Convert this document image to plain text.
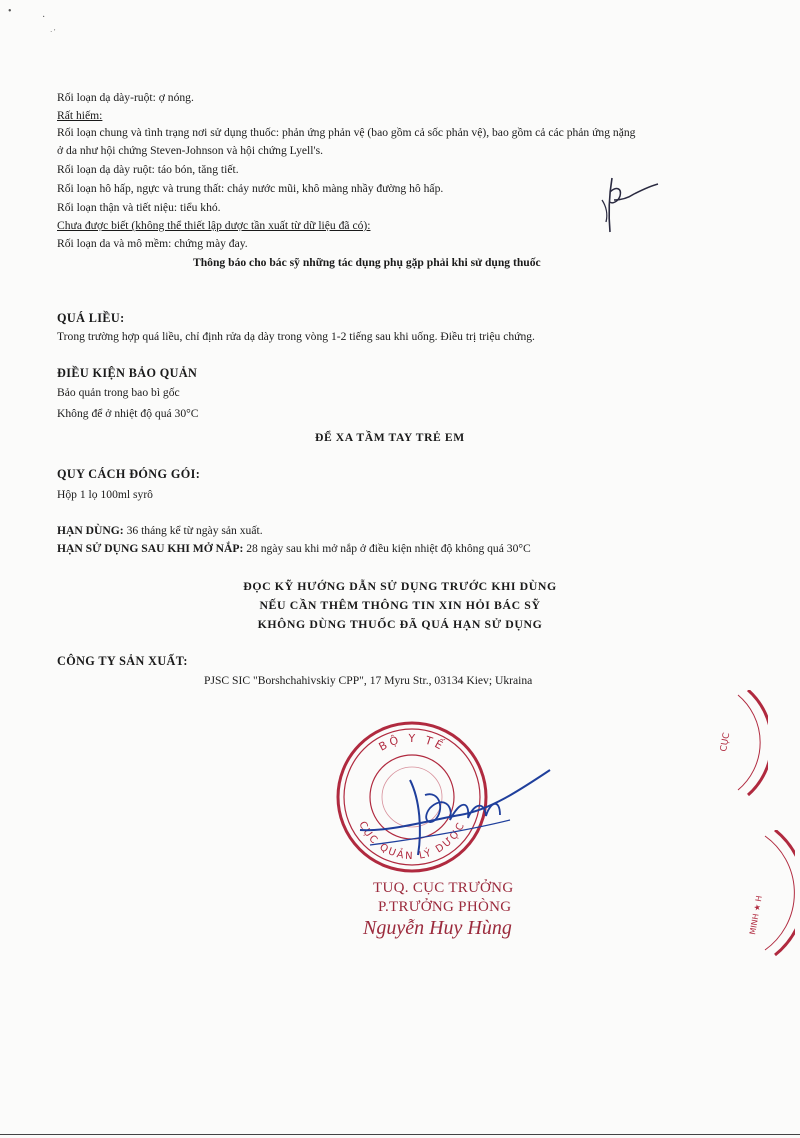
•
·
· '
Rối loạn dạ dày-ruột: ợ nóng.
Rất hiếm:
Rối loạn chung và tình trạng nơi sử dụng thuốc: phản ứng phản vệ (bao gồm cả sốc phản vệ), bao gồm cả các phản ứng nặng
ở da như hội chứng Steven-Johnson và hội chứng Lyell's.
Rối loạn dạ dày ruột: táo bón, tăng tiết.
Rối loạn hô hấp, ngực và trung thất: chảy nước mũi, khô màng nhầy đường hô hấp.
Rối loạn thận và tiết niệu: tiểu khó.
Chưa được biết (không thể thiết lập dược tần xuất từ dữ liệu đã có):
Rối loạn da và mô mềm: chứng mày đay.
Thông báo cho bác sỹ những tác dụng phụ gặp phải khi sử dụng thuốc
QUÁ LIỀU:
Trong trường hợp quá liều, chỉ định rửa dạ dày trong vòng 1-2 tiếng sau khi uống. Điều trị triệu chứng.
ĐIỀU KIỆN BẢO QUẢN
Bảo quản trong bao bì gốc
Không để ở nhiệt độ quá 30°C
ĐỂ XA TẦM TAY TRẺ EM
QUY CÁCH ĐÓNG GÓI:
Hộp 1 lọ 100ml syrô
HẠN DÙNG: 36 tháng kể từ ngày sản xuất.
HẠN SỬ DỤNG SAU KHI MỞ NẮP: 28 ngày sau khi mở nắp ở điều kiện nhiệt độ không quá 30°C
ĐỌC KỸ HƯỚNG DẪN SỬ DỤNG TRƯỚC KHI DÙNG
NẾU CẦN THÊM THÔNG TIN XIN HỎI BÁC SỸ
KHÔNG DÙNG THUỐC ĐÃ QUÁ HẠN SỬ DỤNG
CÔNG TY SẢN XUẤT:
PJSC SIC "Borshchahivskiy CPP", 17 Myru Str., 03134 Kiev; Ukraina
BỘ Y TẾ
CỤC QUẢN LÝ DƯỢC
CỤC
MINH ★ H
TUQ. CỤC TRƯỞNG
P.TRƯỞNG PHÒNG
Nguyễn Huy Hùng
